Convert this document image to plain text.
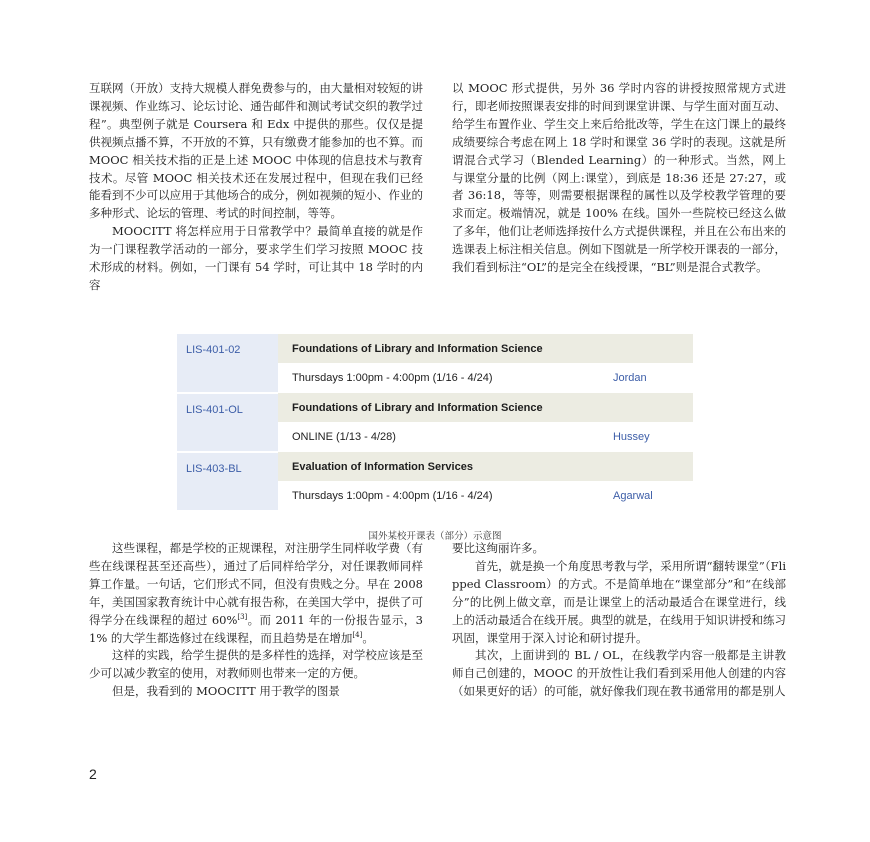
互联网（开放）支持大规模人群免费参与的，由大量相对较短的讲课视频、作业练习、论坛讨论、通告邮件和测试考试交织的教学过程”。典型例子就是 Coursera 和 Edx 中提供的那些。仅仅是提供视频点播不算，不开放的不算，只有缴费才能参加的也不算。而 MOOC 相关技术指的正是上述 MOOC 中体现的信息技术与教育技术。尽管 MOOC 相关技术还在发展过程中，但现在我们已经能看到不少可以应用于其他场合的成分，例如视频的短小、作业的多种形式、论坛的管理、考试的时间控制，等等。

MOOCITT 将怎样应用于日常教学中？最简单直接的就是作为一门课程教学活动的一部分，要求学生们学习按照 MOOC 技术形成的材料。例如，一门课有 54 学时，可让其中 18 学时的内容

以 MOOC 形式提供，另外 36 学时内容的讲授按照常规方式进行，即老师按照课表安排的时间到课堂讲课、与学生面对面互动、给学生布置作业、学生交上来后给批改等，学生在这门课上的最终成绩要综合考虑在网上 18 学时和课堂 36 学时的表现。这就是所谓混合式学习（Blended Learning）的一种形式。当然，网上与课堂分量的比例（网上:课堂），到底是 18:36 还是 27:27，或者 36:18，等等，则需要根据课程的属性以及学校教学管理的要求而定。极端情况，就是 100% 在线。国外一些院校已经这么做了多年，他们让老师选择按什么方式提供课程，并且在公布出来的选课表上标注相关信息。例如下图就是一所学校开课表的一部分，我们看到标注“OL”的是完全在线授课，“BL”则是混合式教学。

LIS-401-02	Foundations of Library and Information Science	
	Thursdays 1:00pm - 4:00pm (1/16 - 4/24)	Jordan
LIS-401-OL	Foundations of Library and Information Science	
	ONLINE (1/13 - 4/28)	Hussey
LIS-403-BL	Evaluation of Information Services	
	Thursdays 1:00pm - 4:00pm (1/16 - 4/24)	Agarwal
国外某校开课表（部分）示意图

这些课程，都是学校的正规课程，对注册学生同样收学费（有些在线课程甚至还高些），通过了后同样给学分，对任课教师同样算工作量。一句话，它们形式不同，但没有贵贱之分。早在 2008 年，美国国家教育统计中心就有报告称，在美国大学中，提供了可得学分在线课程的超过 60%[3]。而 2011 年的一份报告显示，31% 的大学生都选修过在线课程，而且趋势是在增加[4]。

这样的实践，给学生提供的是多样性的选择，对学校应该是至少可以减少教室的使用，对教师则也带来一定的方便。

但是，我看到的 MOOCITT 用于教学的图景

要比这绚丽许多。

首先，就是换一个角度思考教与学，采用所谓“翻转课堂”（Flipped Classroom）的方式。不是简单地在“课堂部分”和“在线部分”的比例上做文章，而是让课堂上的活动最适合在课堂进行，线上的活动最适合在线开展。典型的就是，在线用于知识讲授和练习巩固，课堂用于深入讨论和研讨提升。

其次，上面讲到的 BL / OL，在线教学内容一般都是主讲教师自己创建的，MOOC 的开放性让我们看到采用他人创建的内容（如果更好的话）的可能，就好像我们现在教书通常用的都是别人

2
